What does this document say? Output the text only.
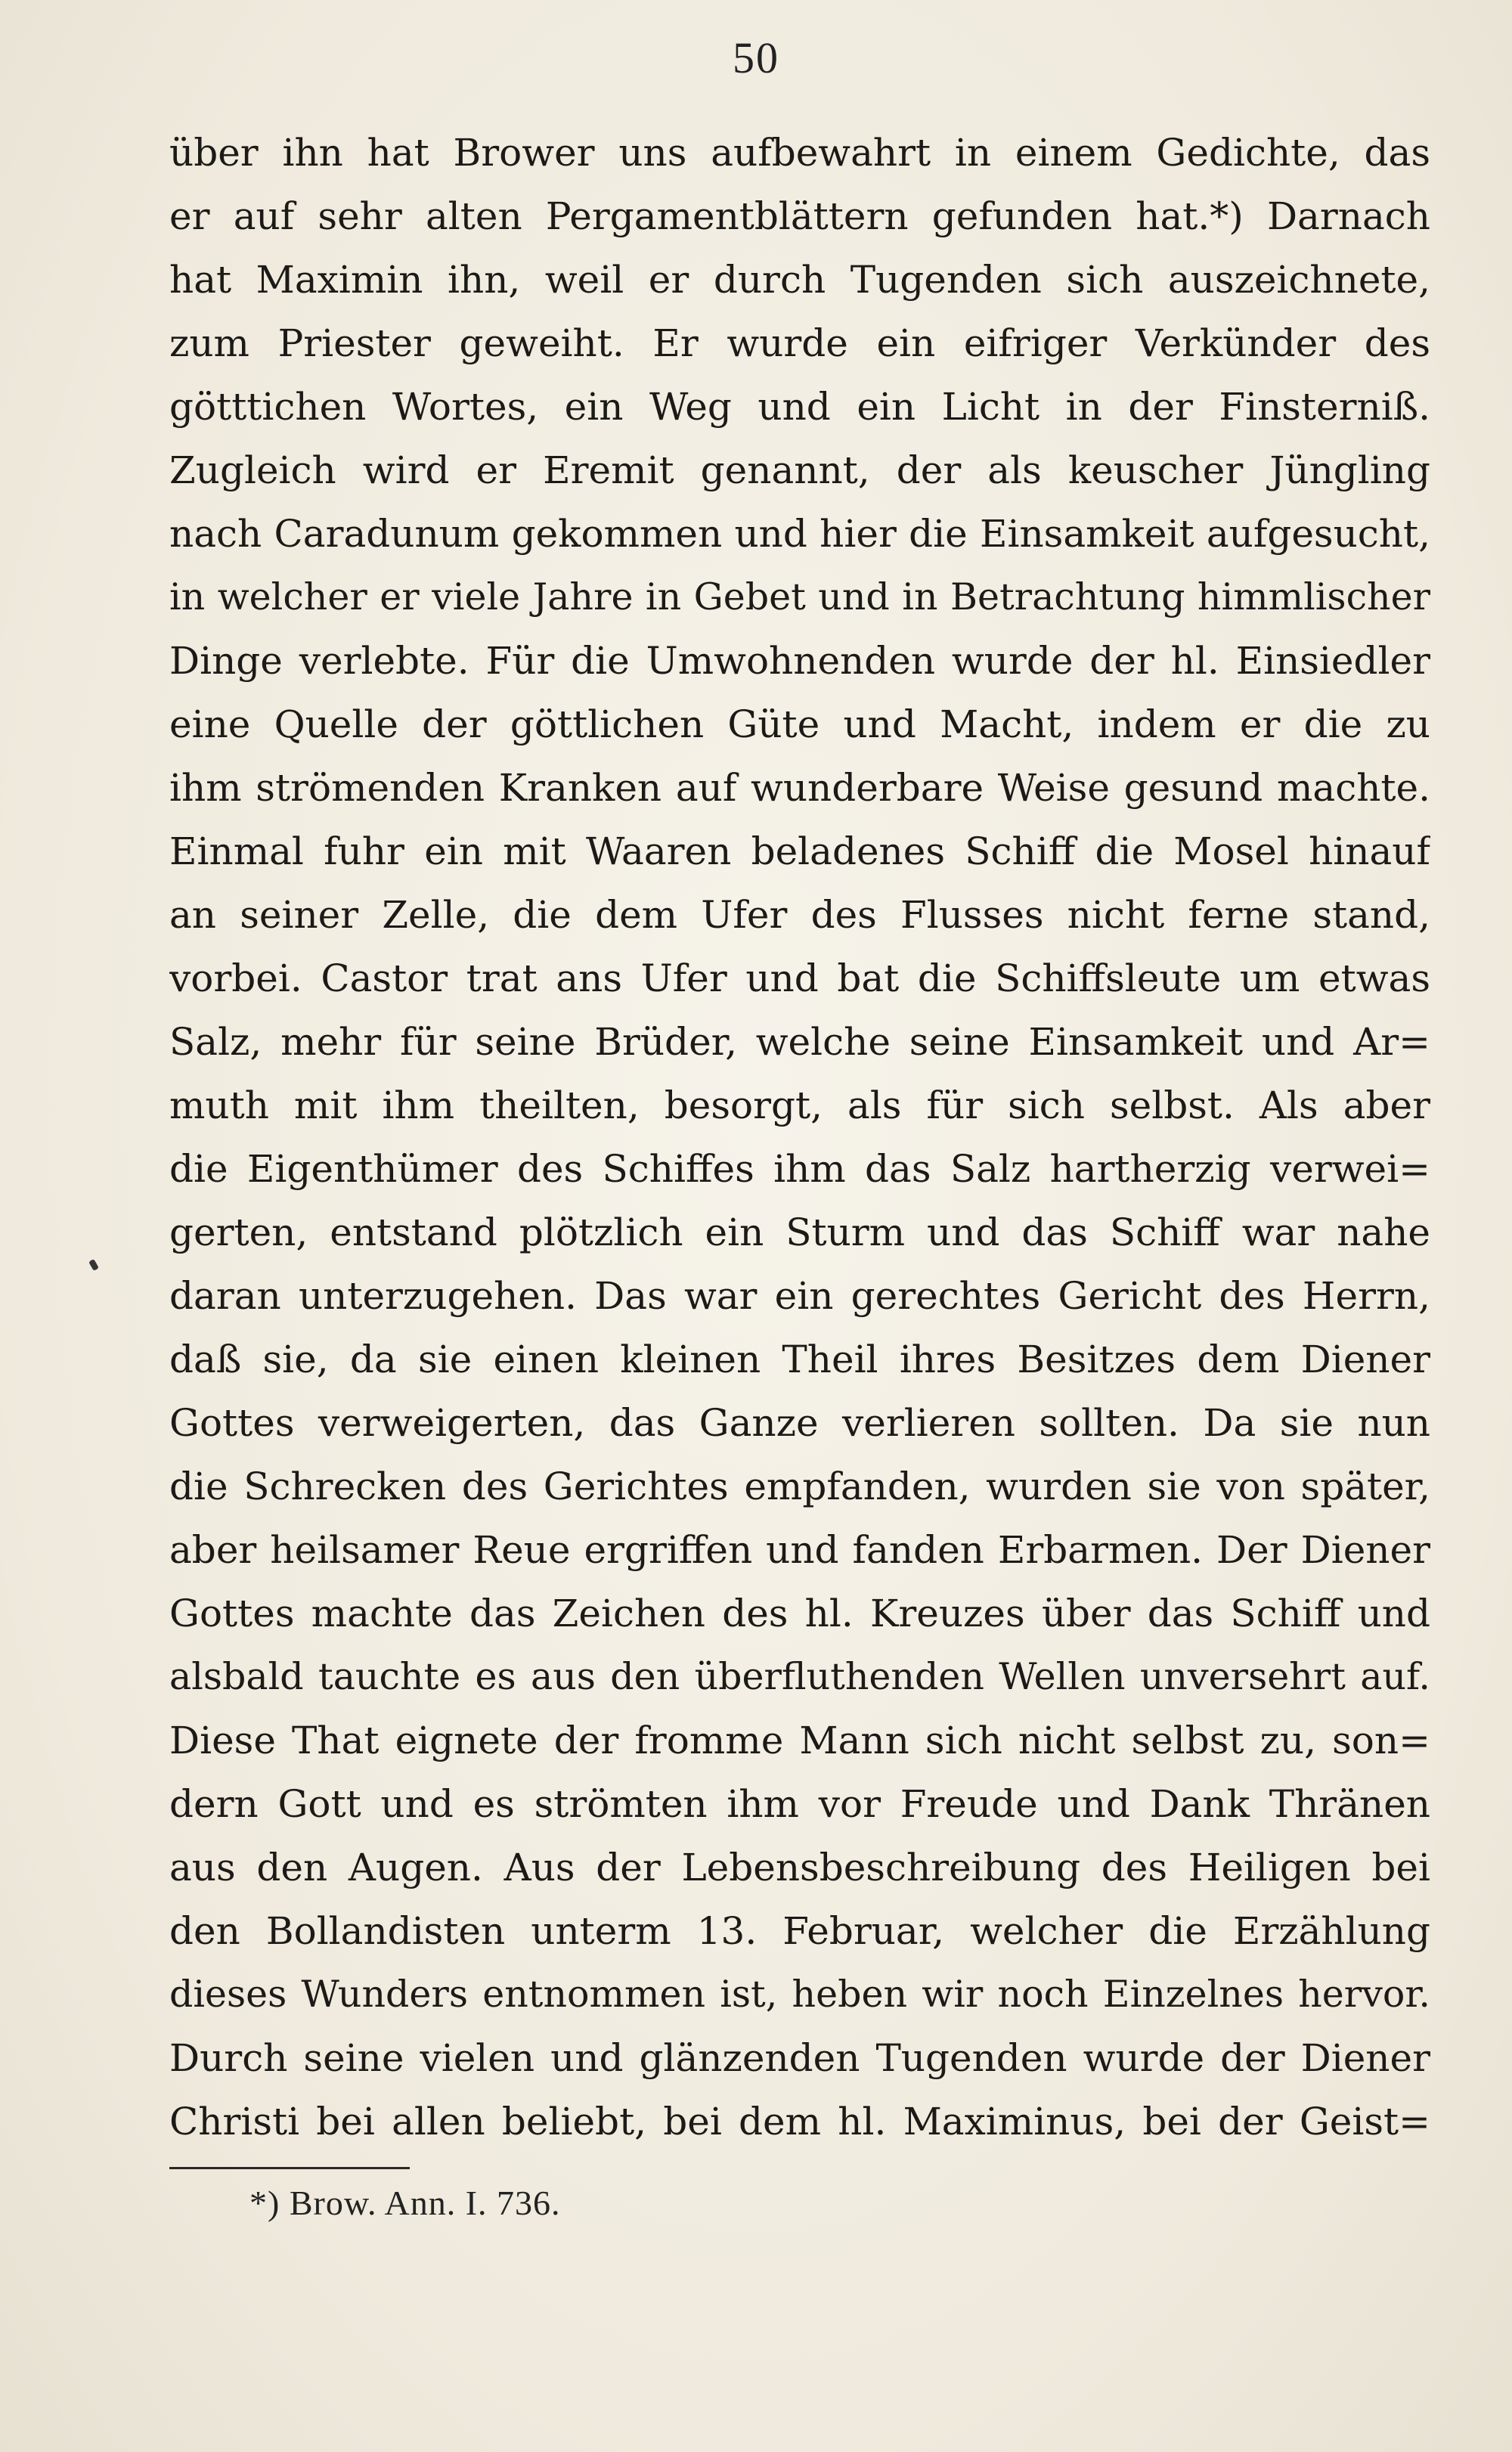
50
über ihn hat Brower uns aufbewahrt in einem Gedichte, das
er auf sehr alten Pergamentblättern gefunden hat.*) Darnach
hat Maximin ihn, weil er durch Tugenden sich auszeichnete,
zum Priester geweiht. Er wurde ein eifriger Verkünder des
götttichen Wortes, ein Weg und ein Licht in der Finsterniß.
Zugleich wird er Eremit genannt, der als keuscher Jüngling
nach Caradunum gekommen und hier die Einsamkeit aufgesucht,
in welcher er viele Jahre in Gebet und in Betrachtung himmlischer
Dinge verlebte. Für die Umwohnenden wurde der hl. Einsiedler
eine Quelle der göttlichen Güte und Macht, indem er die zu
ihm strömenden Kranken auf wunderbare Weise gesund machte.
Einmal fuhr ein mit Waaren beladenes Schiff die Mosel hinauf
an seiner Zelle, die dem Ufer des Flusses nicht ferne stand,
vorbei. Castor trat ans Ufer und bat die Schiffsleute um etwas
Salz, mehr für seine Brüder, welche seine Einsamkeit und Ar=
muth mit ihm theilten, besorgt, als für sich selbst. Als aber
die Eigenthümer des Schiffes ihm das Salz hartherzig verwei=
gerten, entstand plötzlich ein Sturm und das Schiff war nahe
daran unterzugehen. Das war ein gerechtes Gericht des Herrn,
daß sie, da sie einen kleinen Theil ihres Besitzes dem Diener
Gottes verweigerten, das Ganze verlieren sollten. Da sie nun
die Schrecken des Gerichtes empfanden, wurden sie von später,
aber heilsamer Reue ergriffen und fanden Erbarmen. Der Diener
Gottes machte das Zeichen des hl. Kreuzes über das Schiff und
alsbald tauchte es aus den überfluthenden Wellen unversehrt auf.
Diese That eignete der fromme Mann sich nicht selbst zu, son=
dern Gott und es strömten ihm vor Freude und Dank Thränen
aus den Augen. Aus der Lebensbeschreibung des Heiligen bei
den Bollandisten unterm 13. Februar, welcher die Erzählung
dieses Wunders entnommen ist, heben wir noch Einzelnes hervor.
Durch seine vielen und glänzenden Tugenden wurde der Diener
Christi bei allen beliebt, bei dem hl. Maximinus, bei der Geist=
*) Brow. Ann. I. 736.
